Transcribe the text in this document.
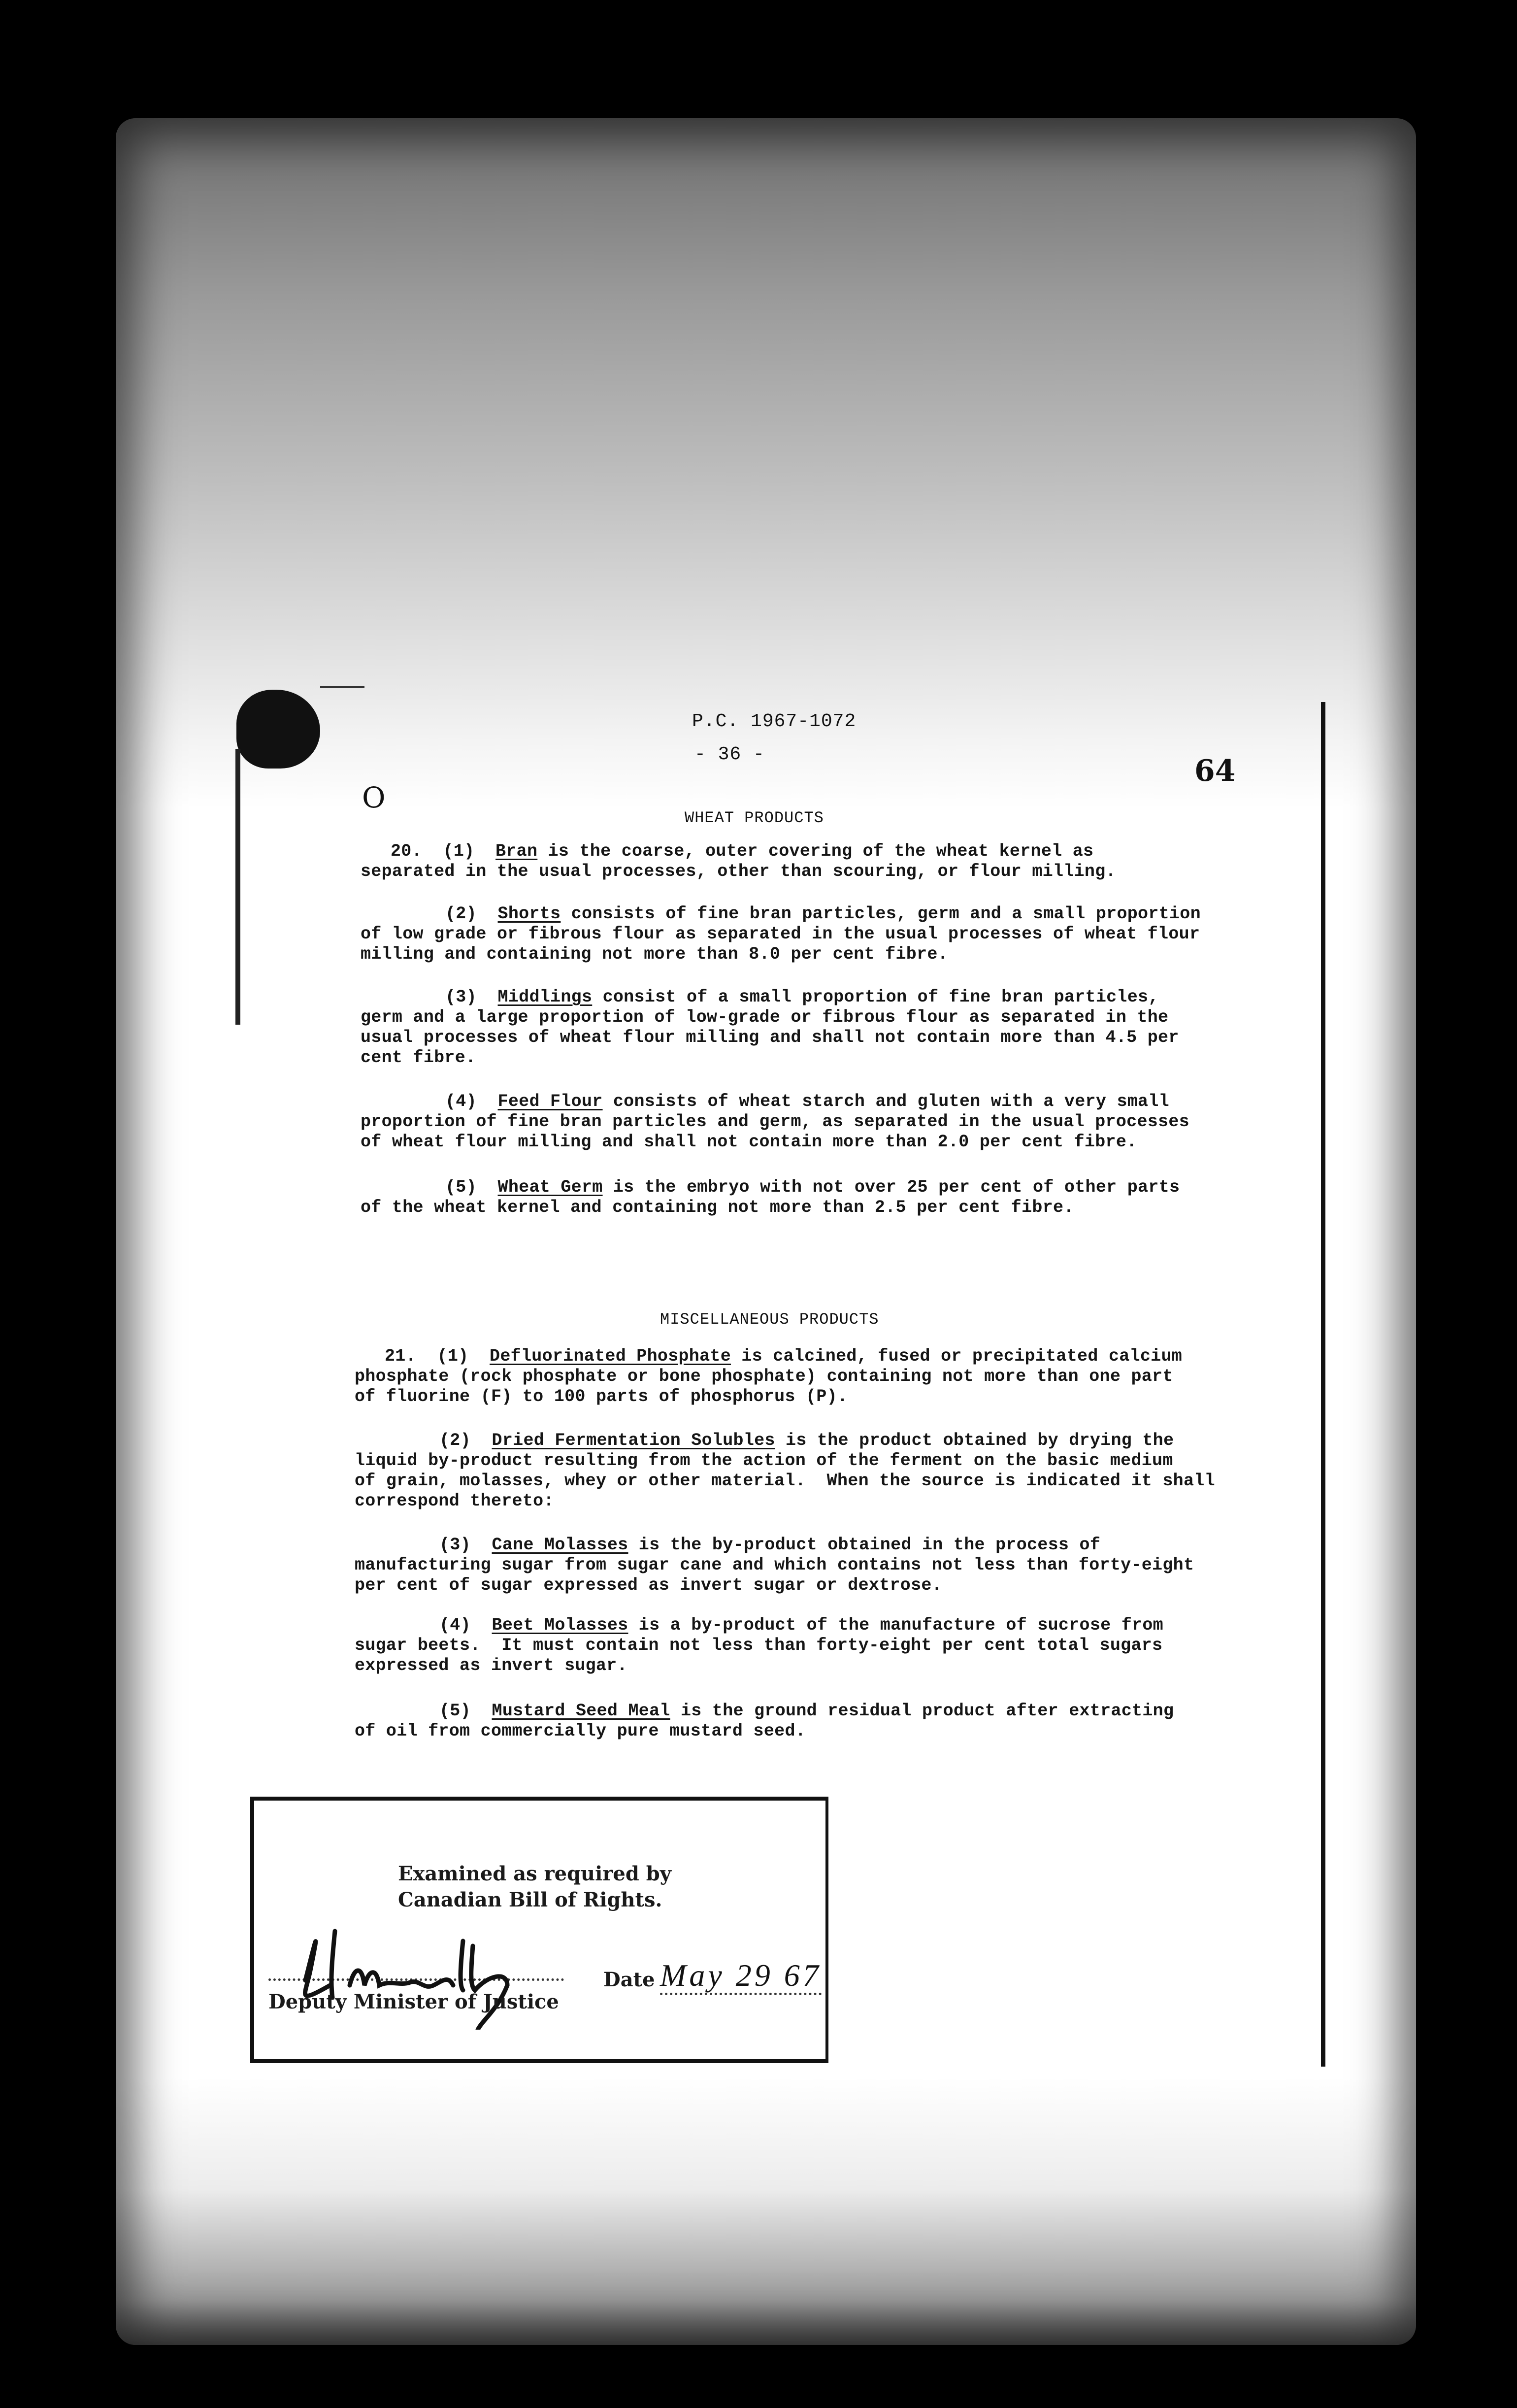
P.C. 1967-1072
- 36 -	64
O
WHEAT PRODUCTS
MISCELLANEOUS PRODUCTS
20.  (1)  Bran is the coarse, outer covering of the wheat kernel as
separated in the usual processes, other than scouring, or flour milling.
(2)  Shorts consists of fine bran particles, germ and a small proportion
of low grade or fibrous flour as separated in the usual processes of wheat flour
milling and containing not more than 8.0 per cent fibre.
(3)  Middlings consist of a small proportion of fine bran particles,
germ and a large proportion of low-grade or fibrous flour as separated in the
usual processes of wheat flour milling and shall not contain more than 4.5 per
cent fibre.
(4)  Feed Flour consists of wheat starch and gluten with a very small
proportion of fine bran particles and germ, as separated in the usual processes
of wheat flour milling and shall not contain more than 2.0 per cent fibre.
(5)  Wheat Germ is the embryo with not over 25 per cent of other parts
of the wheat kernel and containing not more than 2.5 per cent fibre.
21.  (1)  Defluorinated Phosphate is calcined, fused or precipitated calcium
phosphate (rock phosphate or bone phosphate) containing not more than one part
of fluorine (F) to 100 parts of phosphorus (P).
(2)  Dried Fermentation Solubles is the product obtained by drying the
liquid by-product resulting from the action of the ferment on the basic medium
of grain, molasses, whey or other material.  When the source is indicated it shall
correspond thereto:
(3)  Cane Molasses is the by-product obtained in the process of
manufacturing sugar from sugar cane and which contains not less than forty-eight
per cent of sugar expressed as invert sugar or dextrose.
(4)  Beet Molasses is a by-product of the manufacture of sucrose from
sugar beets.  It must contain not less than forty-eight per cent total sugars
expressed as invert sugar.
(5)  Mustard Seed Meal is the ground residual product after extracting
of oil from commercially pure mustard seed.
Examined as required by
Canadian Bill of Rights.
Deputy Minister of Justice
Date May 29 67
